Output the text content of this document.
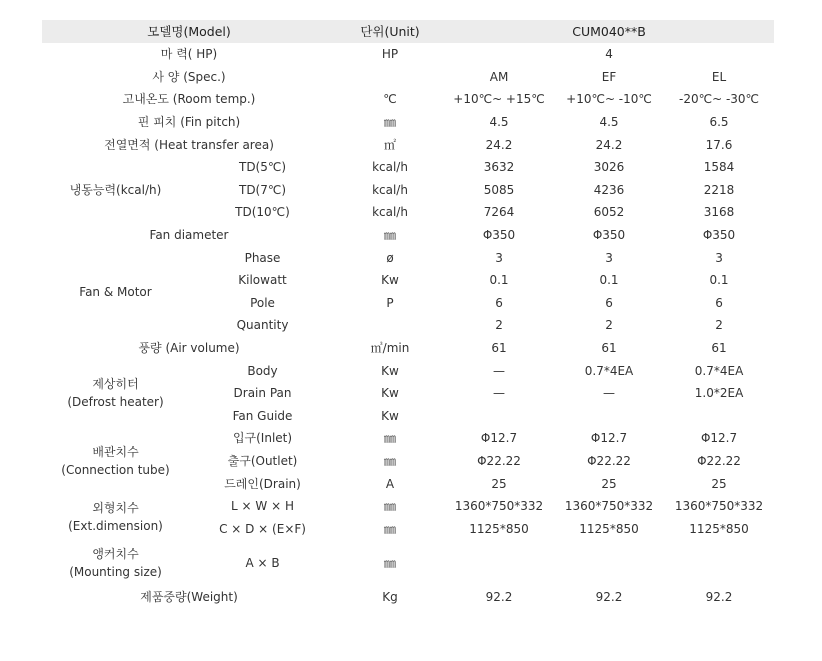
모델명(Model)		단위(Unit)	CUM040**B		
마 력( HP)		HP	4		
사 양 (Spec.)			AM	EF	EL
고내온도 (Room temp.)		℃	+10℃~ +15℃	+10℃~ -10℃	-20℃~ -30℃
핀 피치 (Fin pitch)		㎜	4.5	4.5	6.5
전열면적 (Heat transfer area)		㎡	24.2	24.2	17.6
냉동능력(kcal/h)	TD(5℃)	kcal/h	3632	3026	1584
	TD(7℃)	kcal/h	5085	4236	2218
	TD(10℃)	kcal/h	7264	6052	3168
Fan diameter		㎜	Φ350	Φ350	Φ350
Fan & Motor	Phase	ø	3	3	3
	Kilowatt	Kw	0.1	0.1	0.1
	Pole	P	6	6	6
	Quantity		2	2	2
풍량 (Air volume)		㎥/min	61	61	61

제상히터
(Defrost heater)	Body	Kw	—	0.7*4EA	0.7*4EA
	Drain Pan	Kw	—	—	1.0*2EA
	Fan Guide	Kw			

배관치수
(Connection tube)	입구(Inlet)	㎜	Φ12.7	Φ12.7	Φ12.7
	출구(Outlet)	㎜	Φ22.22	Φ22.22	Φ22.22
	드레인(Drain)	A	25	25	25

외형치수
(Ext.dimension)	L × W × H	㎜	1360*750*332	1360*750*332	1360*750*332
	C × D × (E×F)	㎜	1125*850	1125*850	1125*850

앵커치수
(Mounting size)	A × B	㎜			
제품중량(Weight)		Kg	92.2	92.2	92.2
